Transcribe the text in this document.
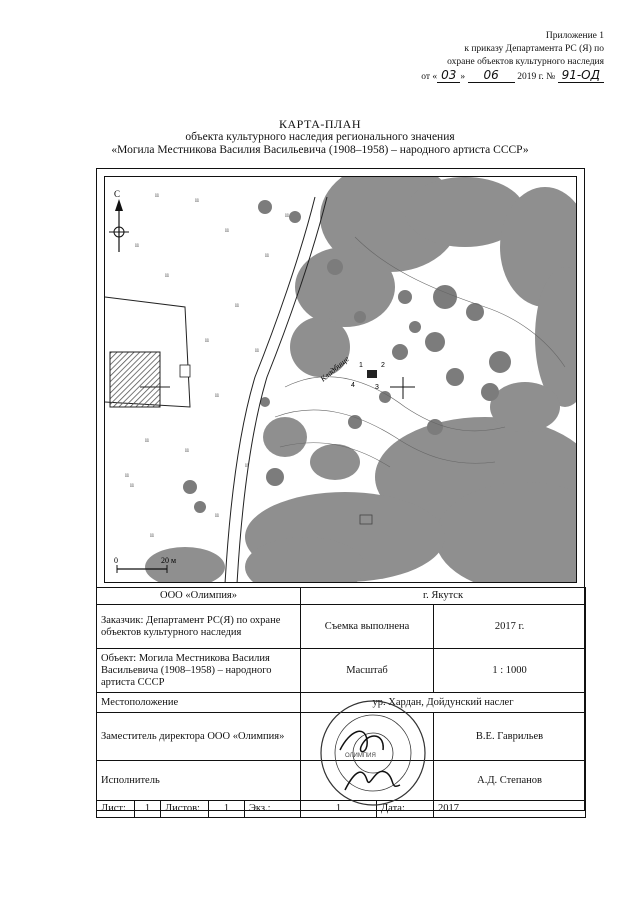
Приложение 1
к приказу Департамента РС (Я) по
охране объектов культурного наследия
от « 03 » 06 2019 г. № 91-ОД
КАРТА-ПЛАН
объекта культурного наследия регионального значения
«Могила Местникова Василия Васильевича (1908–1958) – народного артиста СССР»
ıı
ıı
ıı
ıı
ıı
ıı
ıı
ıı
ıı
ıı
ıı
ıı
ıı
ıı
ıı
ıı
ıı
ıı
С
Кладбище 1	2
3
4
0	20 м
ООО «Олимпия»					г. Якутск		
Заказчик: Департамент РС(Я) по охране объектов культурного наследия					Съемка выполнена		2017 г.
Объект: Могила Местникова Василия Васильевича (1908–1958) – народного артиста СССР					Масштаб		1 : 1000
Местоположение					ур. Хардан, Дойдунский наслег		
Заместитель директора ООО «Олимпия»							В.Е. Гаврильев
Исполнитель							А.Д. Степанов
Лист:	1	Листов:	1	Экз.:	1	Дата:	2017
ОЛИМПИЯ
